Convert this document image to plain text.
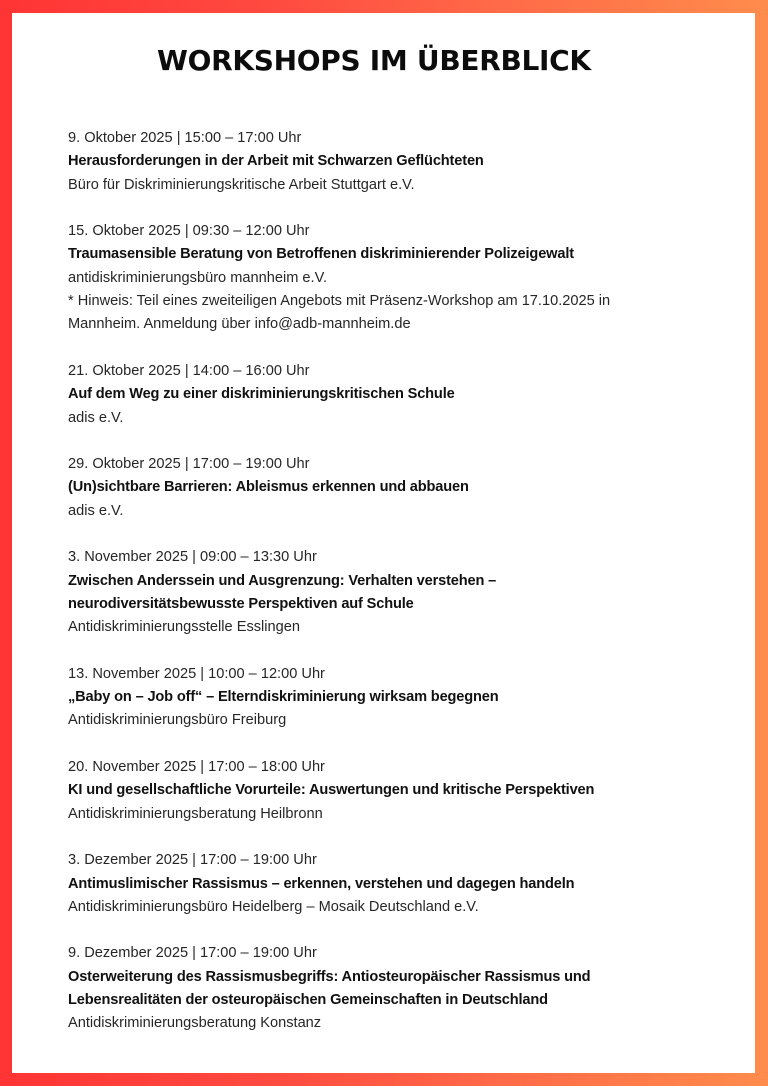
WORKSHOPS IM ÜBERBLICK
9. Oktober 2025 | 15:00 – 17:00 Uhr
Herausforderungen in der Arbeit mit Schwarzen Geflüchteten
Büro für Diskriminierungskritische Arbeit Stuttgart e.V.
15. Oktober 2025 | 09:30 – 12:00 Uhr
Traumasensible Beratung von Betroffenen diskriminierender Polizeigewalt
antidiskriminierungsbüro mannheim e.V.
* Hinweis: Teil eines zweiteiligen Angebots mit Präsenz-Workshop am 17.10.2025 in
Mannheim. Anmeldung über info@adb-mannheim.de
21. Oktober 2025 | 14:00 – 16:00 Uhr
Auf dem Weg zu einer diskriminierungskritischen Schule
adis e.V.
29. Oktober 2025 | 17:00 – 19:00 Uhr
(Un)sichtbare Barrieren: Ableismus erkennen und abbauen
adis e.V.
3. November 2025 | 09:00 – 13:30 Uhr
Zwischen Anderssein und Ausgrenzung: Verhalten verstehen –
neurodiversitätsbewusste Perspektiven auf Schule
Antidiskriminierungsstelle Esslingen
13. November 2025 | 10:00 – 12:00 Uhr
„Baby on – Job off“ – Elterndiskriminierung wirksam begegnen
Antidiskriminierungsbüro Freiburg
20. November 2025 | 17:00 – 18:00 Uhr
KI und gesellschaftliche Vorurteile: Auswertungen und kritische Perspektiven
Antidiskriminierungsberatung Heilbronn
3. Dezember 2025 | 17:00 – 19:00 Uhr
Antimuslimischer Rassismus – erkennen, verstehen und dagegen handeln
Antidiskriminierungsbüro Heidelberg – Mosaik Deutschland e.V.
9. Dezember 2025 | 17:00 – 19:00 Uhr
Osterweiterung des Rassismusbegriffs: Antiosteuropäischer Rassismus und
Lebensrealitäten der osteuropäischen Gemeinschaften in Deutschland
Antidiskriminierungsberatung Konstanz
